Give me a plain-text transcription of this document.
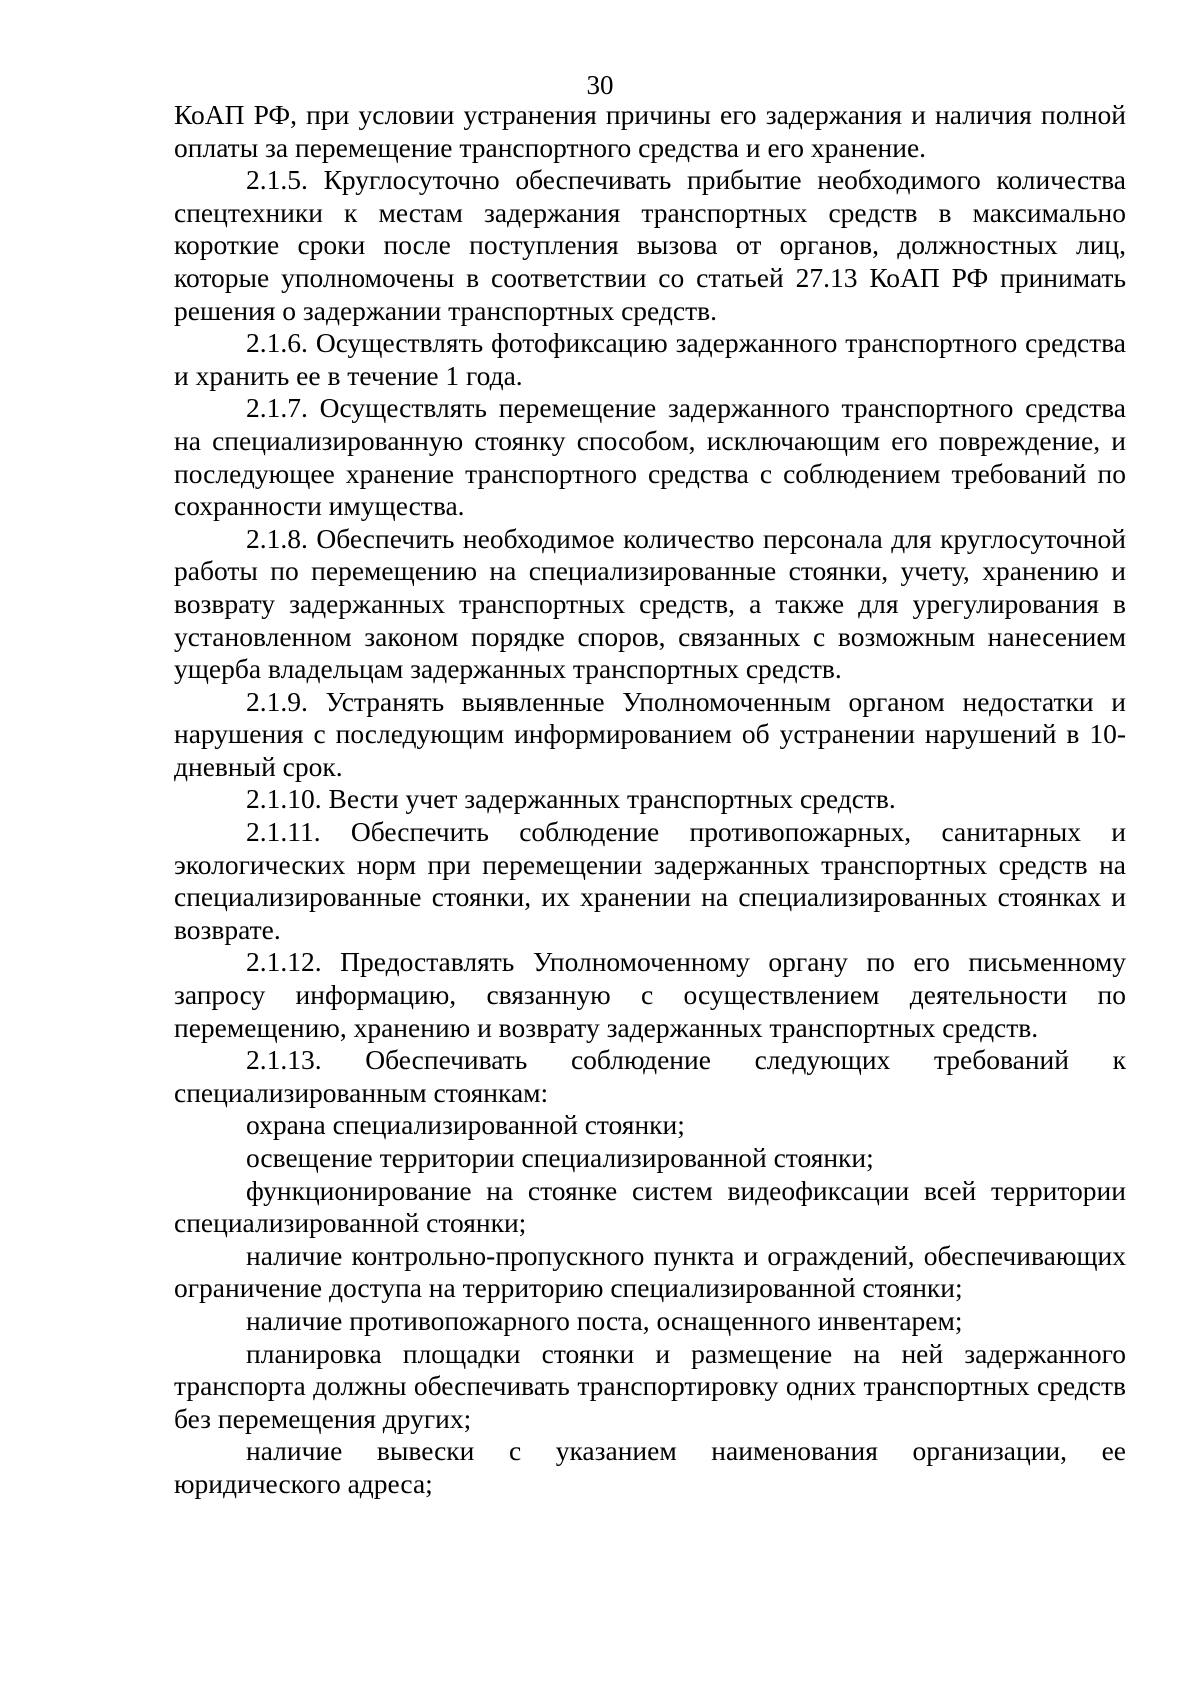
30

КоАП РФ, при условии устранения причины его задержания и наличия полной оплаты за перемещение транспортного средства и его хранение.

2.1.5. Круглосуточно обеспечивать прибытие необходимого количества спецтехники к местам задержания транспортных средств в максимально короткие сроки после поступления вызова от органов, должностных лиц, которые уполномочены в соответствии со статьей 27.13 КоАП РФ принимать решения о задержании транспортных средств.

2.1.6. Осуществлять фотофиксацию задержанного транспортного средства и хранить ее в течение 1 года.

2.1.7. Осуществлять перемещение задержанного транспортного средства на специализированную стоянку способом, исключающим его повреждение, и последующее хранение транспортного средства с соблюдением требований по сохранности имущества.

2.1.8. Обеспечить необходимое количество персонала для круглосуточной работы по перемещению на специализированные стоянки, учету, хранению и возврату задержанных транспортных средств, а также для урегулирования в установленном законом порядке споров, связанных с возможным нанесением ущерба владельцам задержанных транспортных средств.

2.1.9. Устранять выявленные Уполномоченным органом недостатки и нарушения с последующим информированием об устранении нарушений в 10-дневный срок.

2.1.10. Вести учет задержанных транспортных средств.

2.1.11. Обеспечить соблюдение противопожарных, санитарных и экологических норм при перемещении задержанных транспортных средств на специализированные стоянки, их хранении на специализированных стоянках и возврате.

2.1.12. Предоставлять Уполномоченному органу по его письменному запросу информацию, связанную с осуществлением деятельности по перемещению, хранению и возврату задержанных транспортных средств.

2.1.13. Обеспечивать соблюдение следующих требований к специализированным стоянкам:

охрана специализированной стоянки;

освещение территории специализированной стоянки;

функционирование на стоянке систем видеофиксации всей территории специализированной стоянки;

наличие контрольно-пропускного пункта и ограждений, обеспечивающих ограничение доступа на территорию специализированной стоянки;

наличие противопожарного поста, оснащенного инвентарем;

планировка площадки стоянки и размещение на ней задержанного транспорта должны обеспечивать транспортировку одних транспортных средств без перемещения других;

наличие вывески с указанием наименования организации, ее юридического адреса;
